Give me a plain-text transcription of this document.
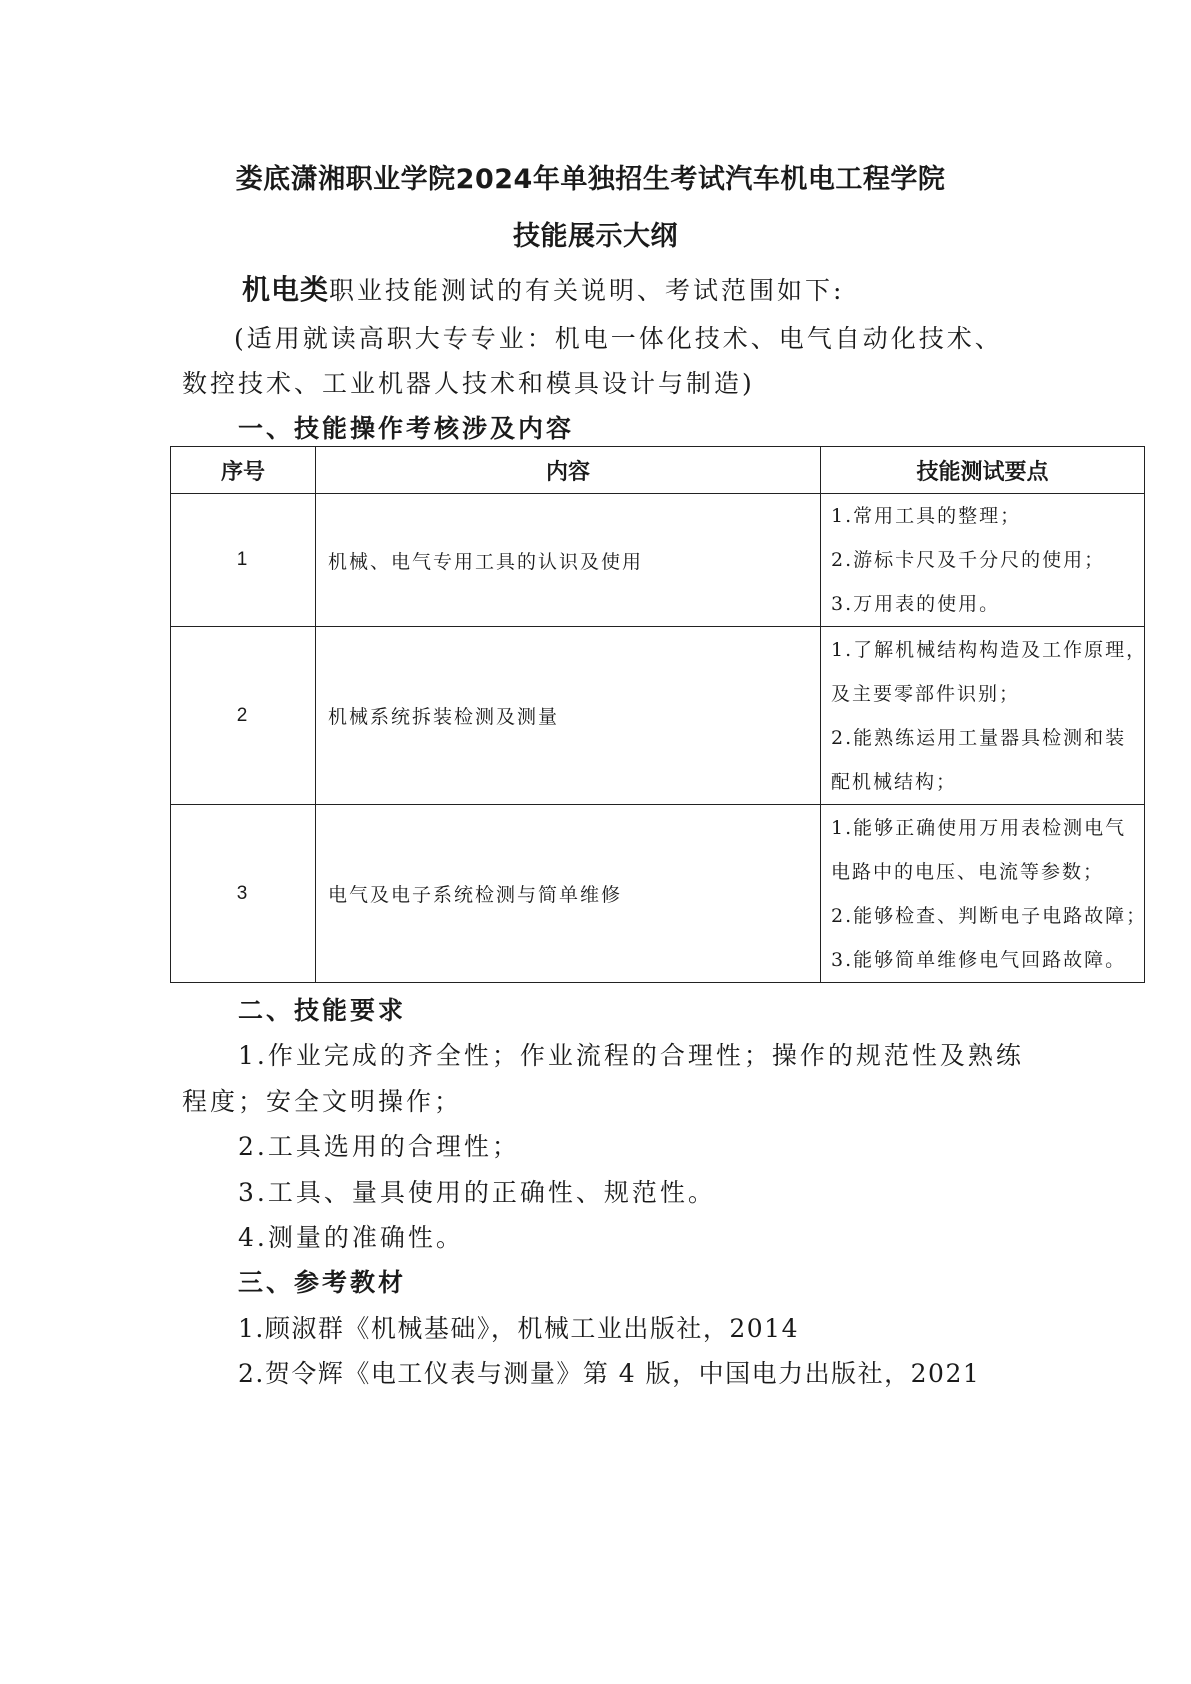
娄底潇湘职业学院2024年单独招生考试汽车机电工程学院
技能展示大纲
机电类职业技能测试的有关说明、考试范围如下:
(适用就读高职大专专业：机电一体化技术、电气自动化技术、
数控技术、工业机器人技术和模具设计与制造)
一、技能操作考核涉及内容
序号	内容	技能测试要点
1	机械、电气专用工具的认识及使用	1.常用工具的整理；
2.游标卡尺及千分尺的使用；
3.万用表的使用。

2	机械系统拆装检测及测量	1.了解机械结构构造及工作原理，
及主要零部件识别；
2.能熟练运用工量器具检测和装
配机械结构；

3	电气及电子系统检测与简单维修	1.能够正确使用万用表检测电气
电路中的电压、电流等参数；
2.能够检查、判断电子电路故障；
3.能够简单维修电气回路故障。
二、技能要求
1.作业完成的齐全性；作业流程的合理性；操作的规范性及熟练
程度；安全文明操作；
2.工具选用的合理性；
3.工具、量具使用的正确性、规范性。
4.测量的准确性。
三、参考教材
1.顾淑群《机械基础》，机械工业出版社，2014
2.贺令辉《电工仪表与测量》第 4 版，中国电力出版社，2021
